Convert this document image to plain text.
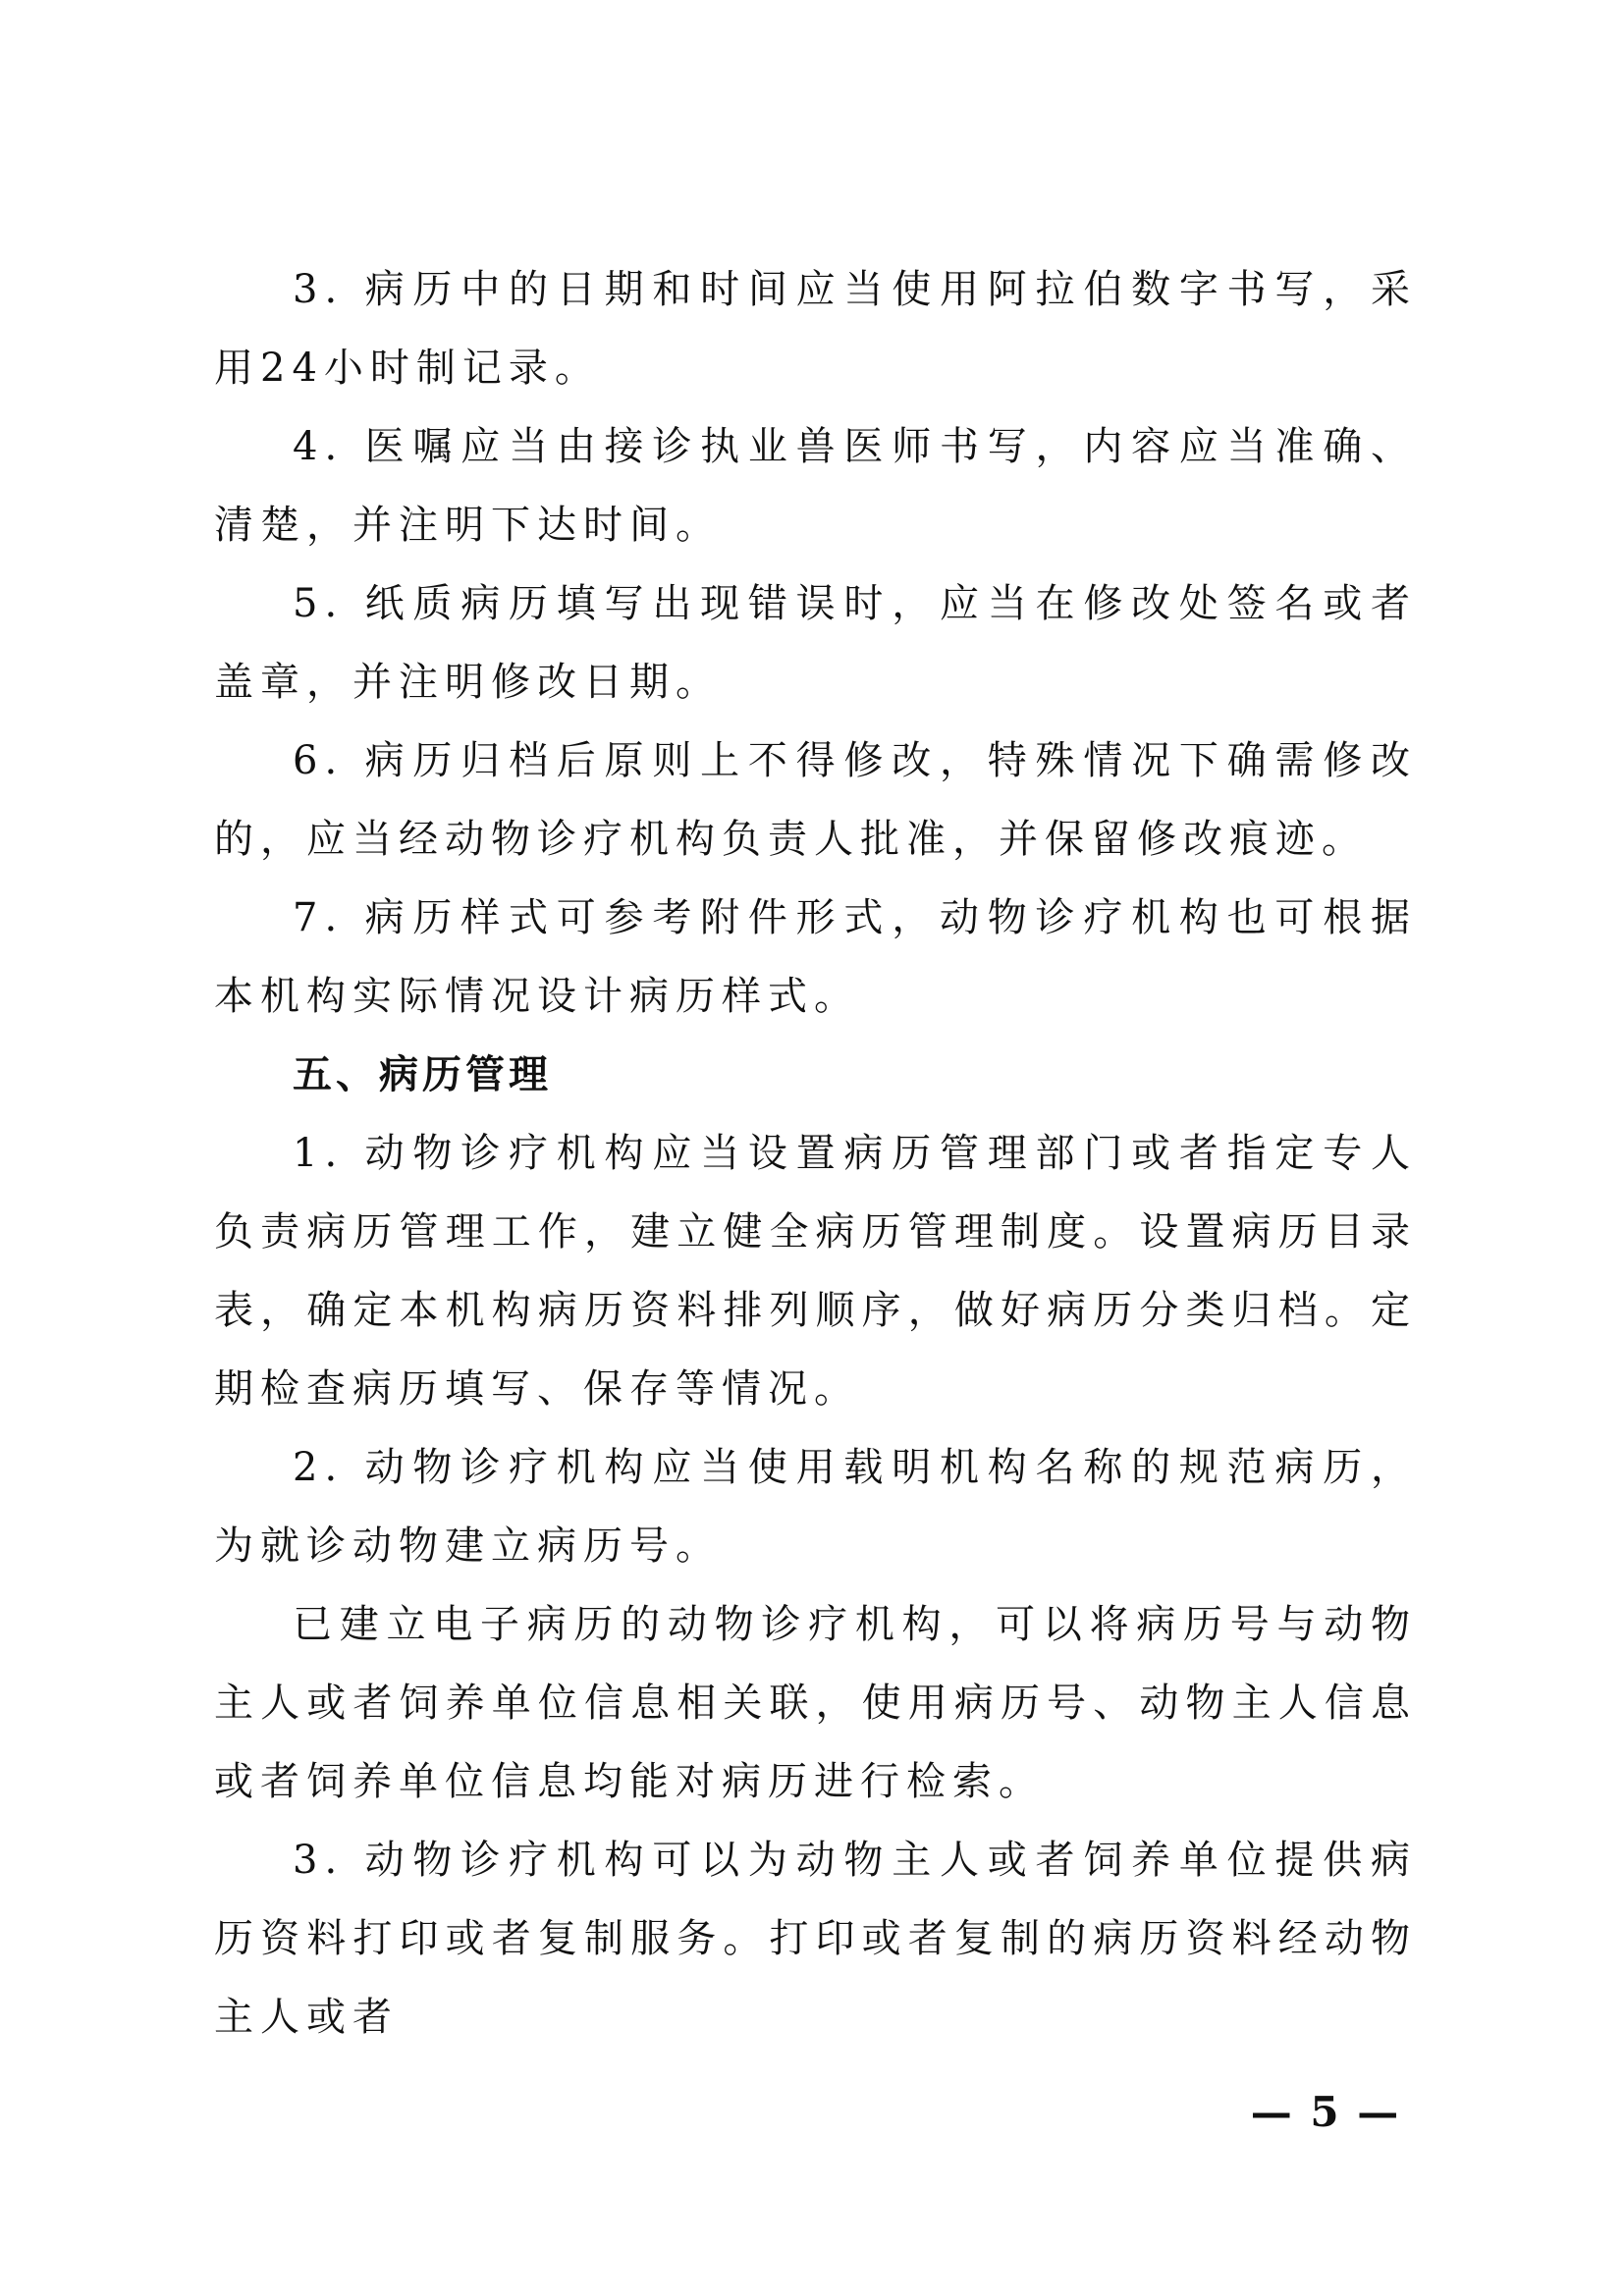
3. 病历中的日期和时间应当使用阿拉伯数字书写，采用24小时制记录。

4. 医嘱应当由接诊执业兽医师书写，内容应当准确、清楚，并注明下达时间。

5. 纸质病历填写出现错误时，应当在修改处签名或者盖章，并注明修改日期。

6. 病历归档后原则上不得修改，特殊情况下确需修改的，应当经动物诊疗机构负责人批准，并保留修改痕迹。

7. 病历样式可参考附件形式，动物诊疗机构也可根据本机构实际情况设计病历样式。

五、病历管理

1. 动物诊疗机构应当设置病历管理部门或者指定专人负责病历管理工作，建立健全病历管理制度。设置病历目录表，确定本机构病历资料排列顺序，做好病历分类归档。定期检查病历填写、保存等情况。

2. 动物诊疗机构应当使用载明机构名称的规范病历，为就诊动物建立病历号。

已建立电子病历的动物诊疗机构，可以将病历号与动物主人或者饲养单位信息相关联，使用病历号、动物主人信息或者饲养单位信息均能对病历进行检索。

3. 动物诊疗机构可以为动物主人或者饲养单位提供病历资料打印或者复制服务。打印或者复制的病历资料经动物主人或者

— 5 —
